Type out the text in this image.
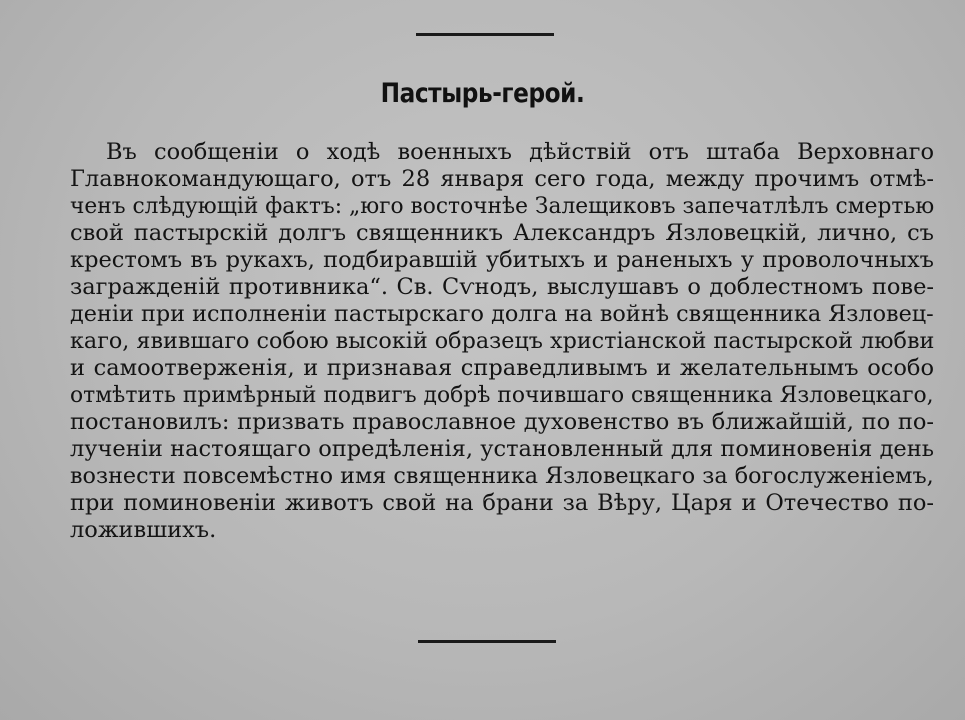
Пастырь-герой.
Въ сообщеніи о ходѣ военныхъ дѣйствій отъ штаба Верховнаго
Главнокомандующаго, отъ 28 января сего года, между прочимъ отмѣ-
ченъ слѣдующій фактъ: „юго восточнѣе Залещиковъ запечатлѣлъ смертью
свой пастырскій долгъ священникъ Александръ Язловецкій, лично, съ
крестомъ въ рукахъ, подбиравшій убитыхъ и раненыхъ у проволочныхъ
загражденій противника“. Св. Сѵнодъ, выслушавъ о доблестномъ пове-
деніи при исполненіи пастырскаго долга на войнѣ священника Язловец-
каго, явившаго собою высокій образецъ христіанской пастырской любви
и самоотверженія, и признавая справедливымъ и желательнымъ особо
отмѣтить примѣрный подвигъ добрѣ почившаго священника Язловецкаго,
постановилъ: призвать православное духовенство въ ближайшій, по по-
лученіи настоящаго опредѣленія, установленный для поминовенія день
вознести повсемѣстно имя священника Язловецкаго за богослуженіемъ,
при поминовеніи животъ свой на брани за Вѣру, Царя и Отечество по-
ложившихъ.
